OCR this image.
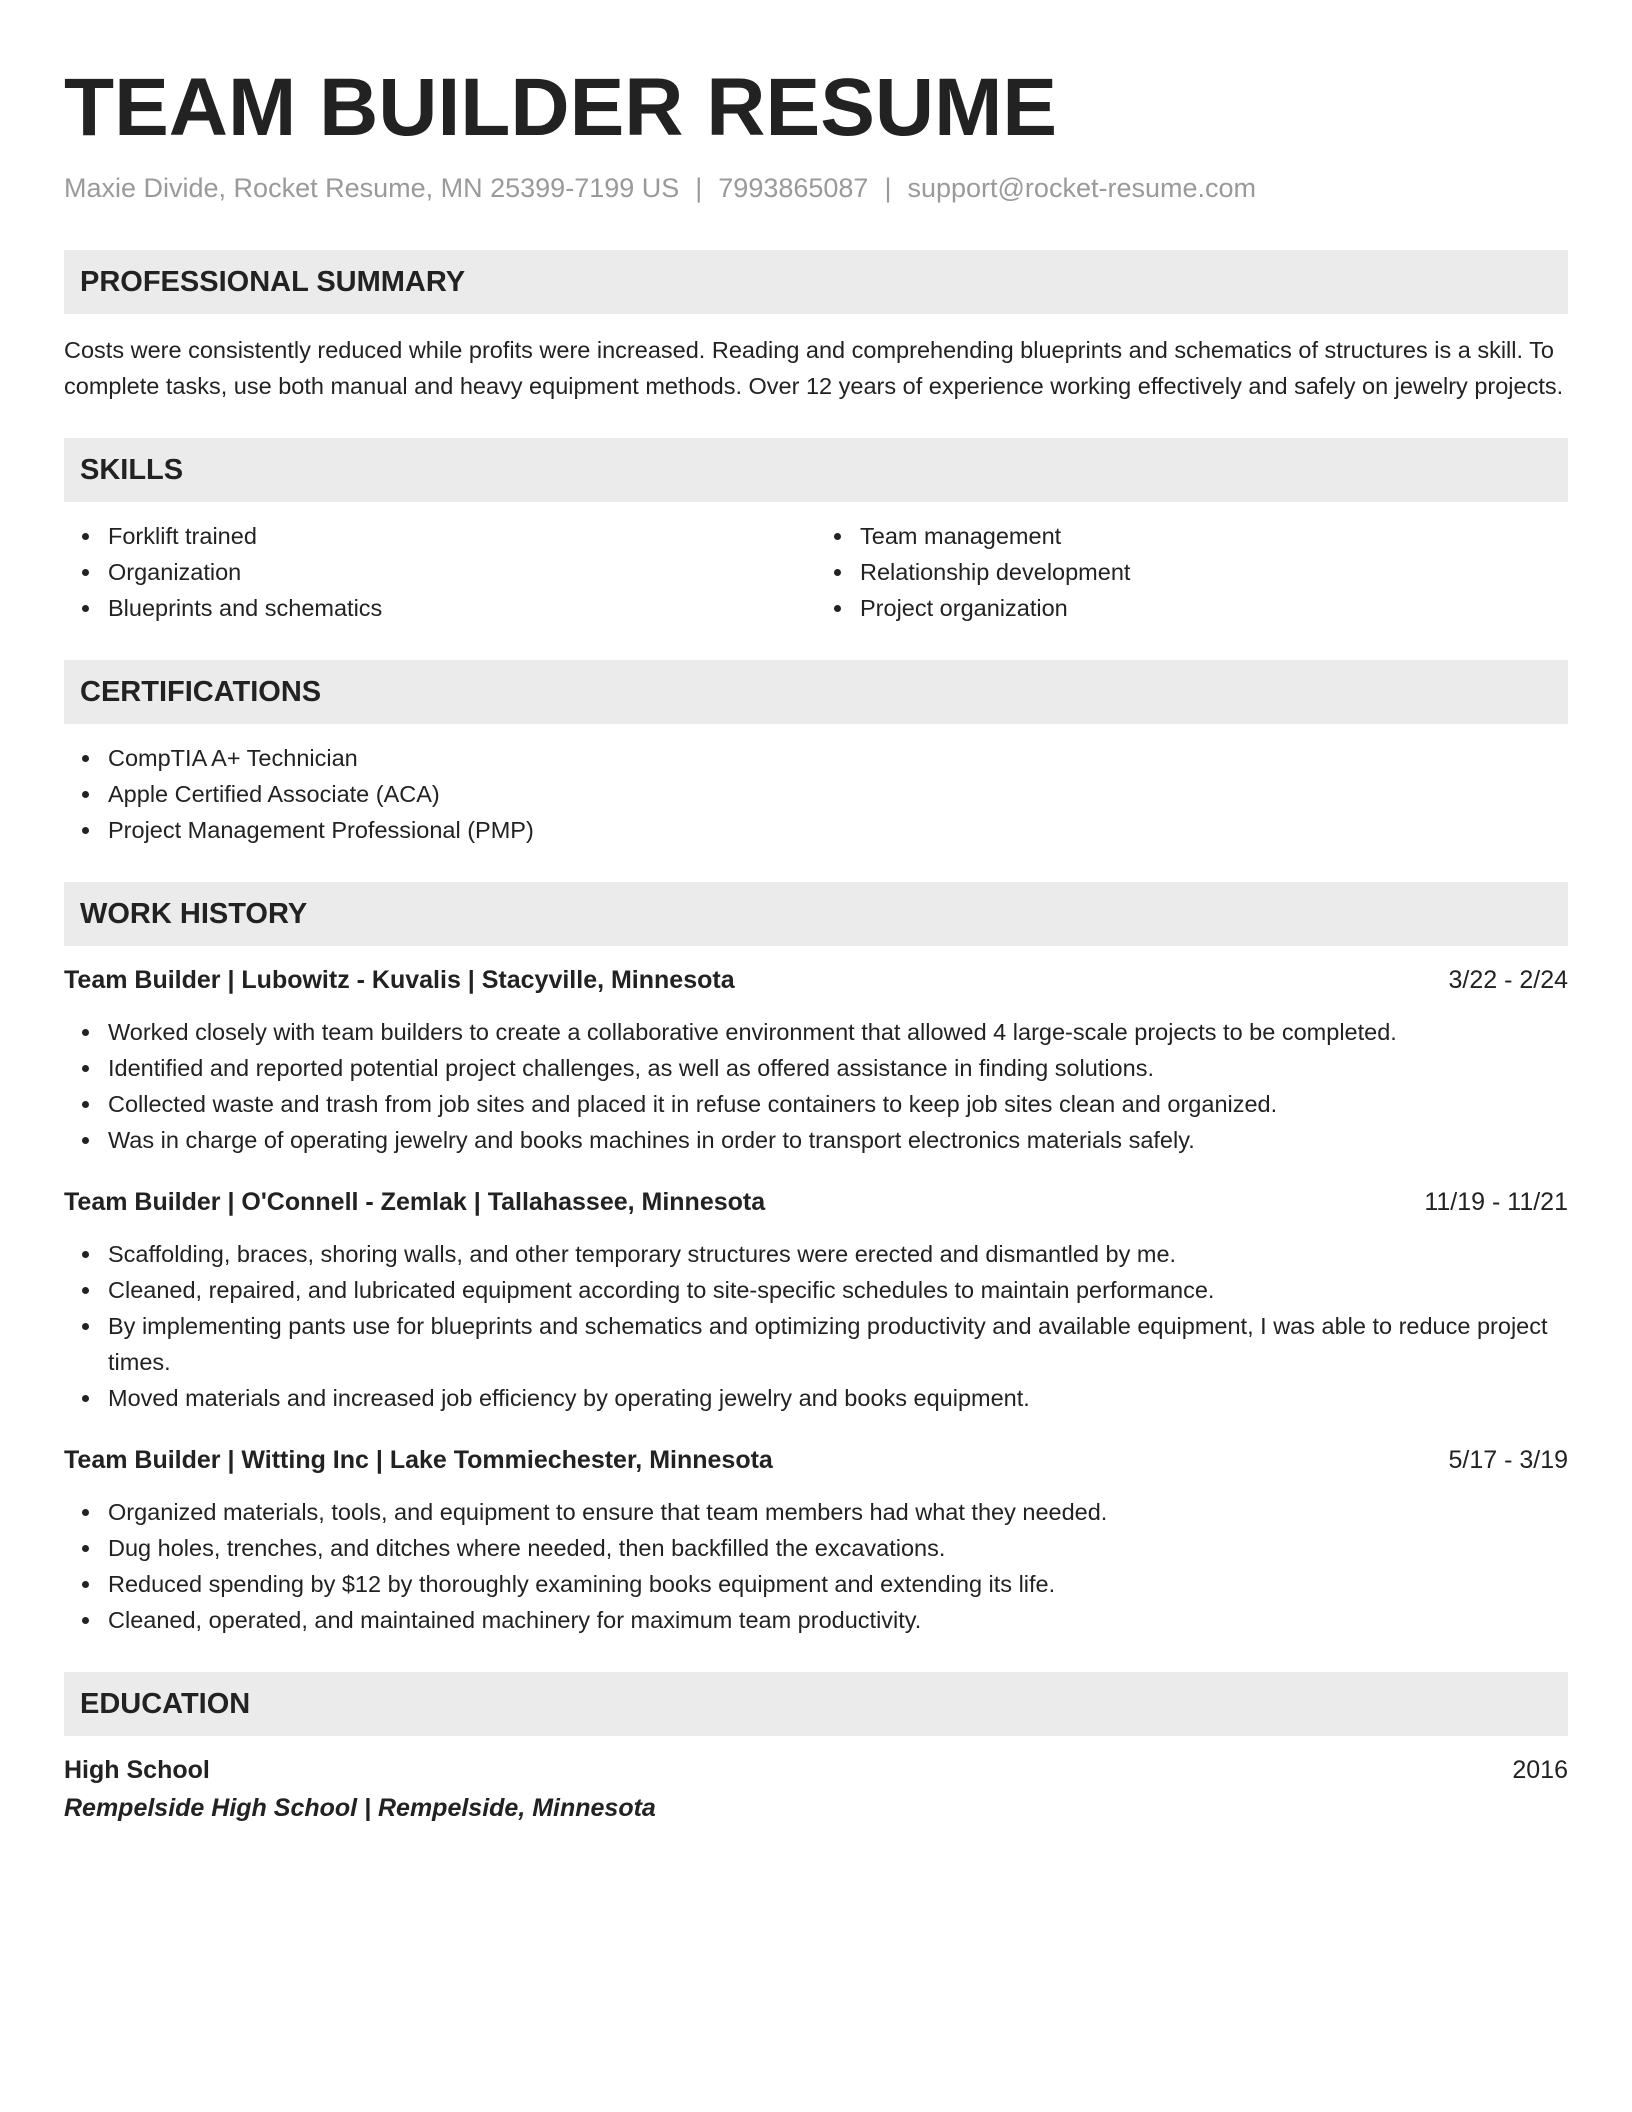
TEAM BUILDER RESUME
Maxie Divide, Rocket Resume, MN 25399-7199 US | 7993865087 | support@rocket-resume.com
PROFESSIONAL SUMMARY

Costs were consistently reduced while profits were increased. Reading and comprehending blueprints and schematics of structures is a skill. To complete tasks, use both manual and heavy equipment methods. Over 12 years of experience working effectively and safely on jewelry projects.

SKILLS
Forklift trained
Organization
Blueprints and schematics
Team management
Relationship development
Project organization
CERTIFICATIONS
CompTIA A+ Technician
Apple Certified Associate (ACA)
Project Management Professional (PMP)
WORK HISTORY
Team Builder | Lubowitz - Kuvalis | Stacyville, Minnesota	3/22 - 2/24
Worked closely with team builders to create a collaborative environment that allowed 4 large-scale projects to be completed.
Identified and reported potential project challenges, as well as offered assistance in finding solutions.
Collected waste and trash from job sites and placed it in refuse containers to keep job sites clean and organized.
Was in charge of operating jewelry and books machines in order to transport electronics materials safely.
Team Builder | O'Connell - Zemlak | Tallahassee, Minnesota	11/19 - 11/21
Scaffolding, braces, shoring walls, and other temporary structures were erected and dismantled by me.
Cleaned, repaired, and lubricated equipment according to site-specific schedules to maintain performance.
By implementing pants use for blueprints and schematics and optimizing productivity and available equipment, I was able to reduce project times.
Moved materials and increased job efficiency by operating jewelry and books equipment.
Team Builder | Witting Inc | Lake Tommiechester, Minnesota	5/17 - 3/19
Organized materials, tools, and equipment to ensure that team members had what they needed.
Dug holes, trenches, and ditches where needed, then backfilled the excavations.
Reduced spending by $12 by thoroughly examining books equipment and extending its life.
Cleaned, operated, and maintained machinery for maximum team productivity.
EDUCATION
High School	2016
Rempelside High School | Rempelside, Minnesota
